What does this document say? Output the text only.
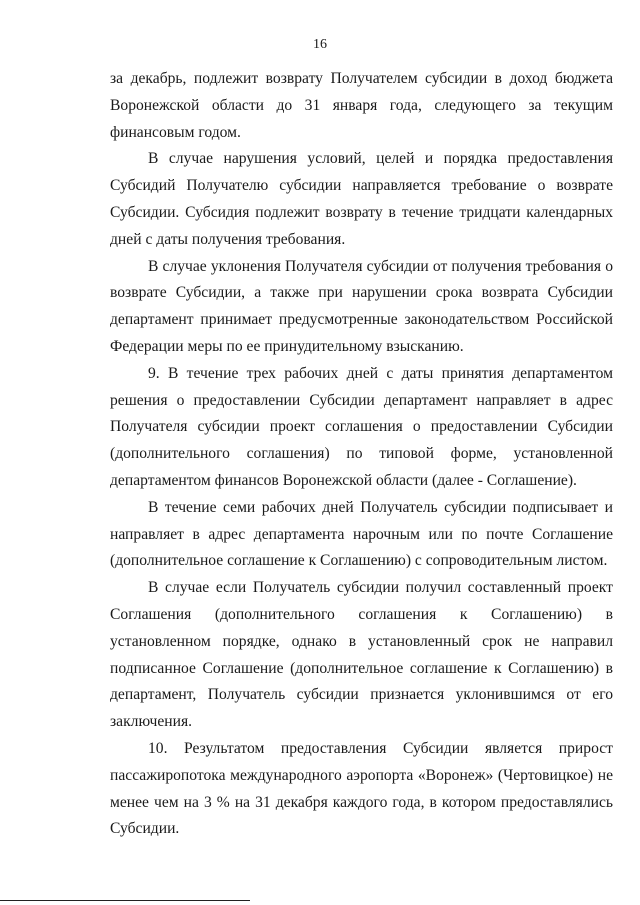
16

за декабрь, подлежит возврату Получателем субсидии в доход бюджета Воронежской области до 31 января года, следующего за текущим финансовым годом.

В случае нарушения условий, целей и порядка предоставления Субсидий Получателю субсидии направляется требование о возврате Субсидии. Субсидия подлежит возврату в течение тридцати календарных дней с даты получения требования.

В случае уклонения Получателя субсидии от получения требования о возврате Субсидии, а также при нарушении срока возврата Субсидии департамент принимает предусмотренные законодательством Российской Федерации меры по ее принудительному взысканию.

9. В течение трех рабочих дней с даты принятия департаментом решения о предоставлении Субсидии департамент направляет в адрес Получателя субсидии проект соглашения о предоставлении Субсидии (дополнительного соглашения) по типовой форме, установленной департаментом финансов Воронежской области (далее - Соглашение).

В течение семи рабочих дней Получатель субсидии подписывает и направляет в адрес департамента нарочным или по почте Соглашение (дополнительное соглашение к Соглашению) с сопроводительным листом.

В случае если Получатель субсидии получил составленный проект Соглашения (дополнительного соглашения к Соглашению) в установленном порядке, однако в установленный срок не направил подписанное Соглашение (дополнительное соглашение к Соглашению) в департамент, Получатель субсидии признается уклонившимся от его заключения.

10. Результатом предоставления Субсидии является прирост пассажиропотока международного аэропорта «Воронеж» (Чертовицкое) не менее чем на 3 % на 31 декабря каждого года, в котором предоставлялись Субсидии.
